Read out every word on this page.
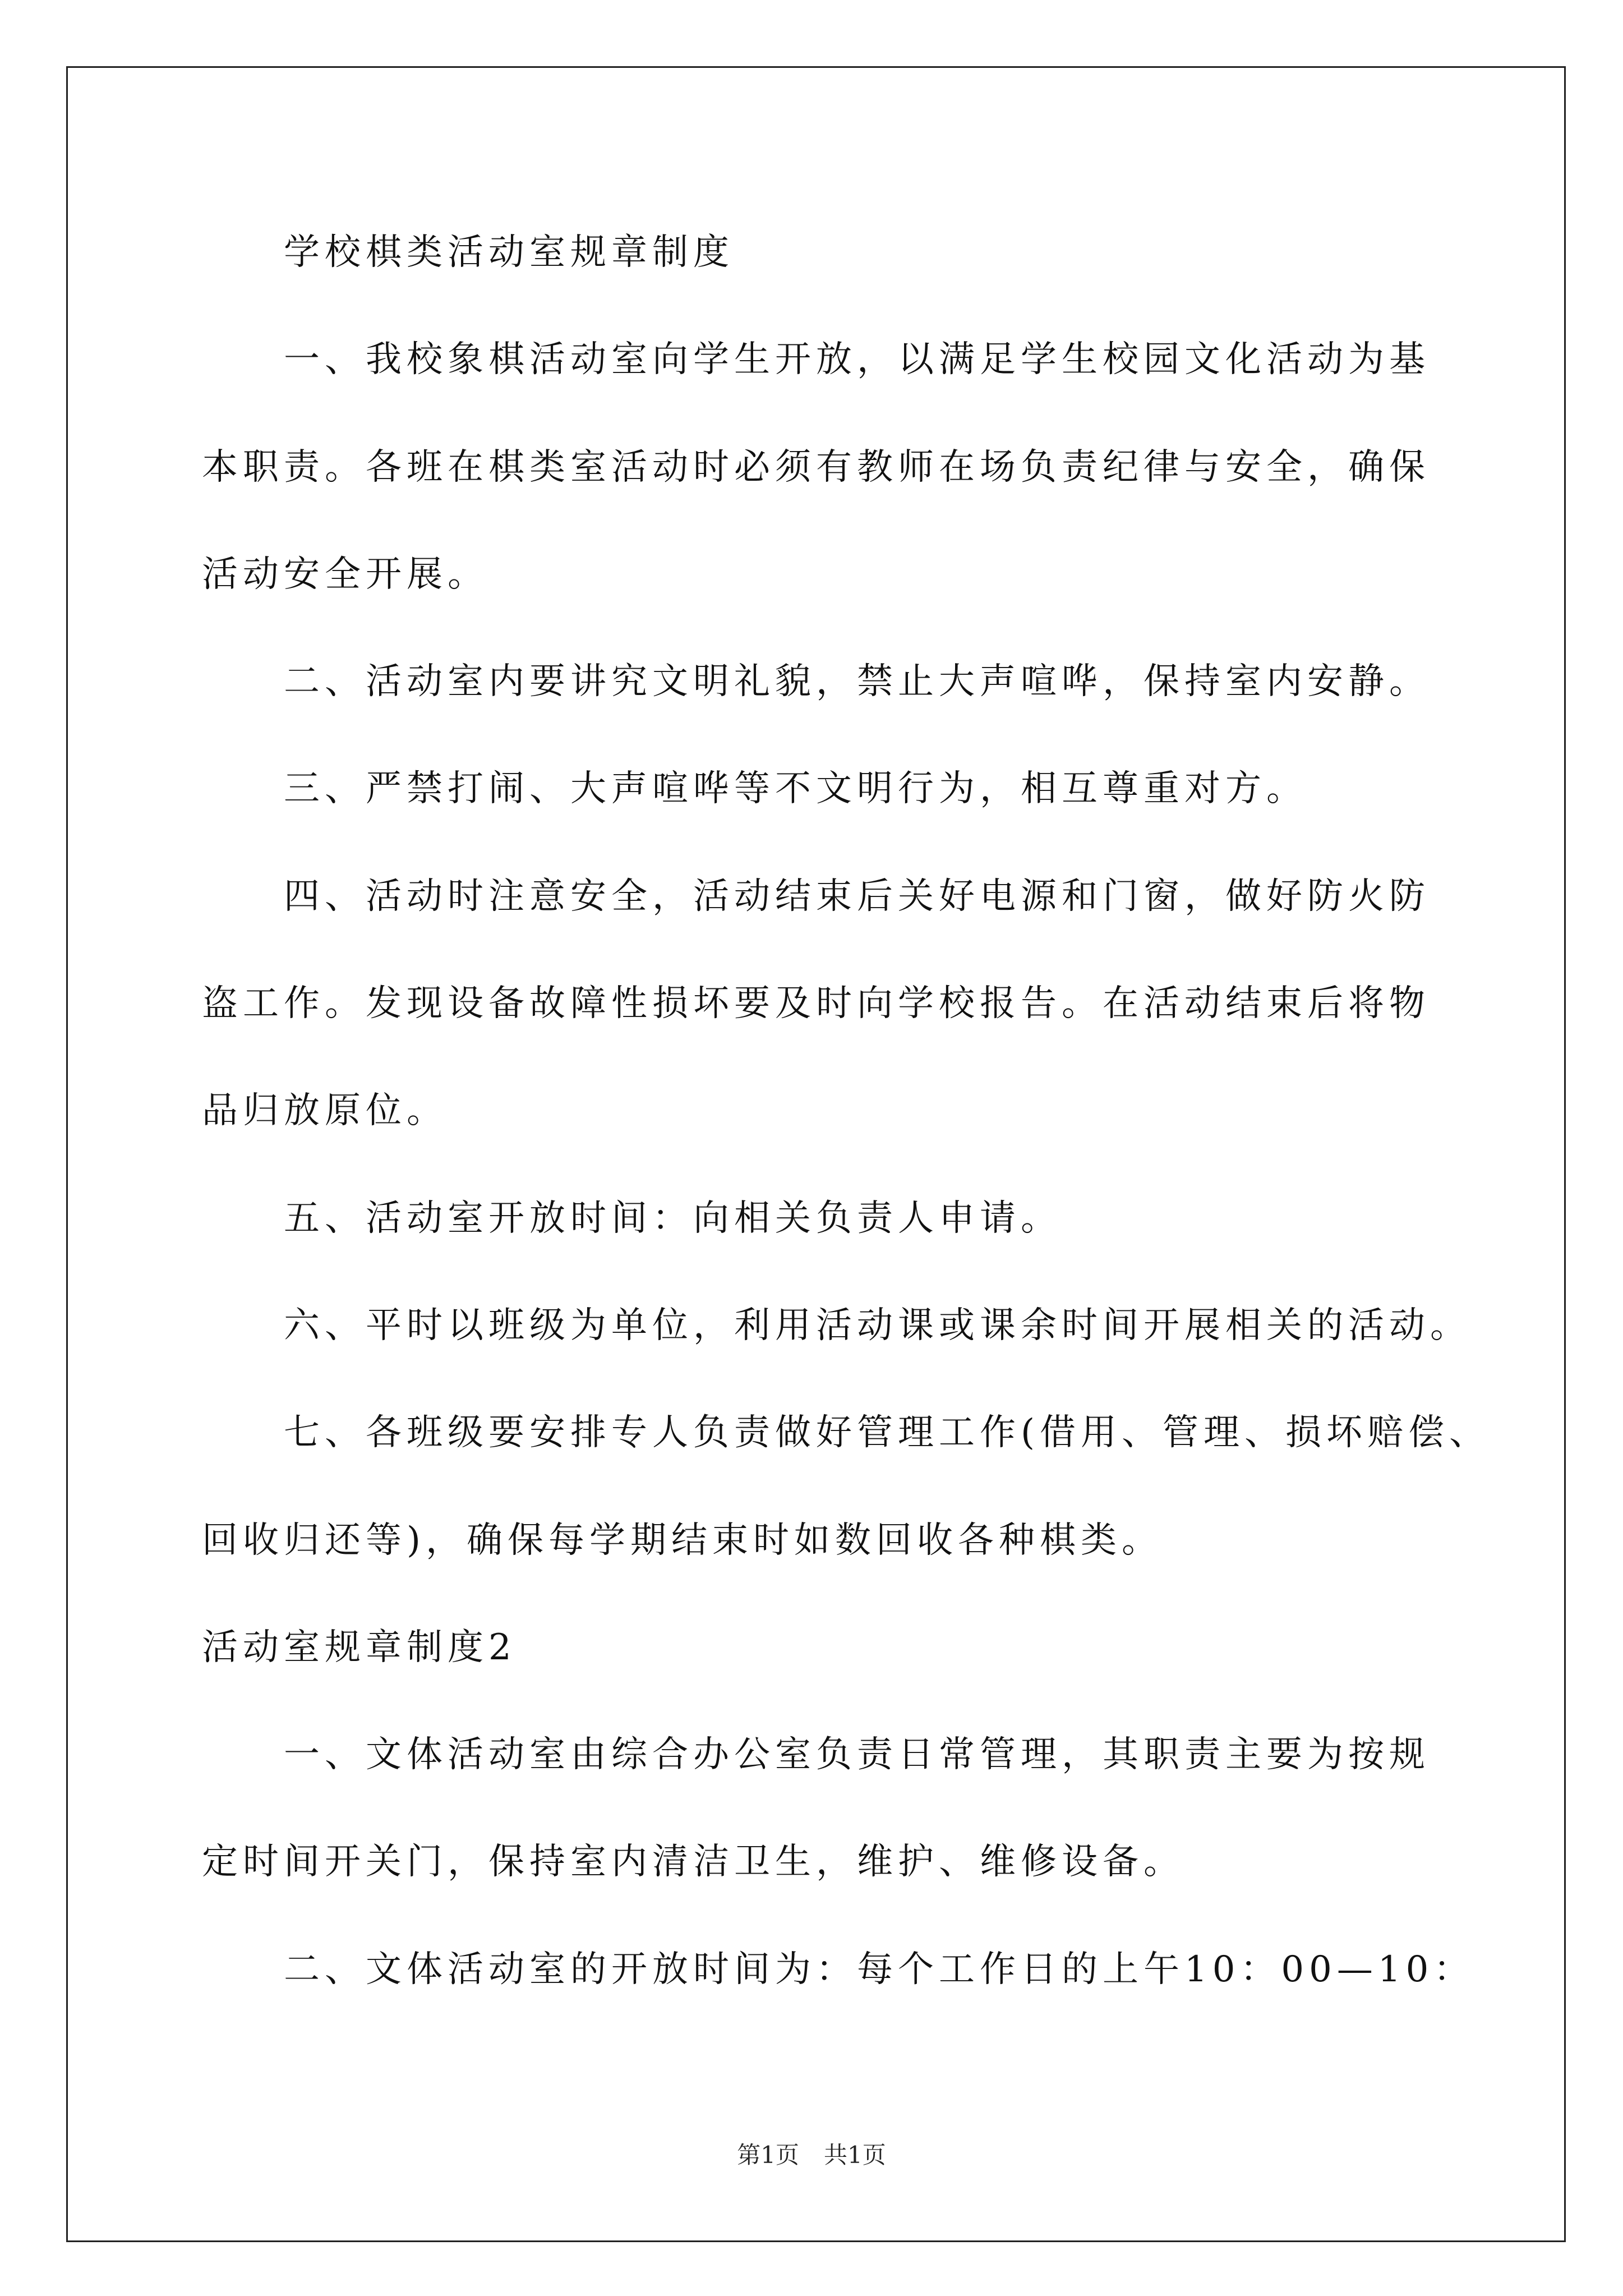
学校棋类活动室规章制度
一、我校象棋活动室向学生开放，以满足学生校园文化活动为基
本职责。各班在棋类室活动时必须有教师在场负责纪律与安全，确保
活动安全开展。
二、活动室内要讲究文明礼貌，禁止大声喧哗，保持室内安静。
三、严禁打闹、大声喧哗等不文明行为，相互尊重对方。
四、活动时注意安全，活动结束后关好电源和门窗，做好防火防
盗工作。发现设备故障性损坏要及时向学校报告。在活动结束后将物
品归放原位。
五、活动室开放时间：向相关负责人申请。
六、平时以班级为单位，利用活动课或课余时间开展相关的活动。
七、各班级要安排专人负责做好管理工作(借用、管理、损坏赔偿、
回收归还等)，确保每学期结束时如数回收各种棋类。
活动室规章制度2
一、文体活动室由综合办公室负责日常管理，其职责主要为按规
定时间开关门，保持室内清洁卫生，维护、维修设备。
二、文体活动室的开放时间为：每个工作日的上午10：00—10：
第1页 共1页
